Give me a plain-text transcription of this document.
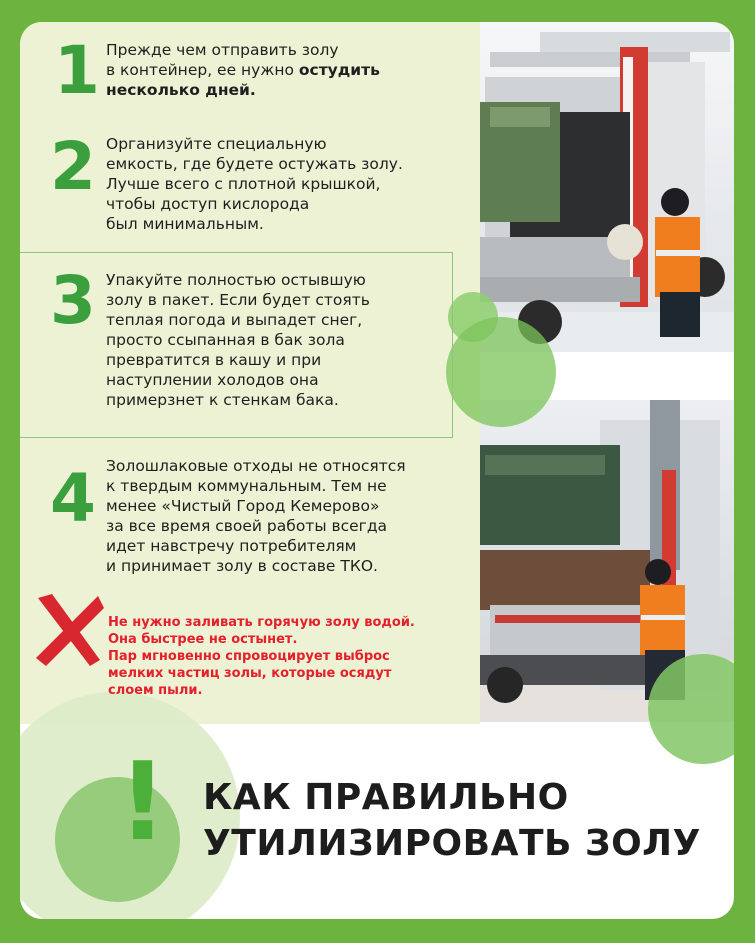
1 Прежде чем отправить золу
в контейнер, ее нужно остудить
несколько дней.
2 Организуйте специальную
емкость, где будете остужать золу.
Лучше всего с плотной крышкой,
чтобы доступ кислорода
был минимальным.
3 Упакуйте полностью остывшую
золу в пакет. Если будет стоять
теплая погода и выпадет снег,
просто ссыпанная в бак зола
превратится в кашу и при
наступлении холодов она
примерзнет к стенкам бака.
4 Золошлаковые отходы не относятся
к твердым коммунальным. Тем не
менее «Чистый Город Кемерово»
за все время своей работы всегда
идет навстречу потребителям
и принимает золу в составе ТКО.
Не нужно заливать горячую золу водой.
Она быстрее не остынет.
Пар мгновенно спровоцирует выброс
мелких частиц золы, которые осядут
слоем пыли.
! КАК ПРАВИЛЬНО
УТИЛИЗИРОВАТЬ ЗОЛУ
